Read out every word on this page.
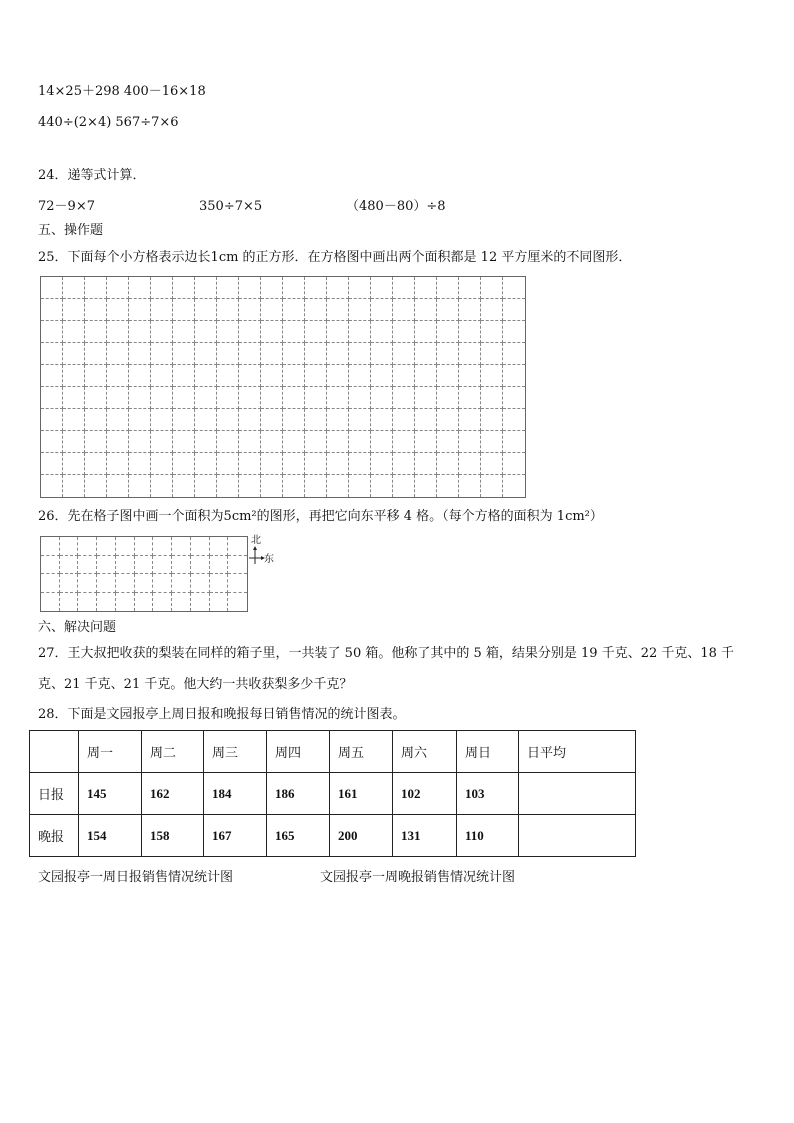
14×25＋298 400－16×18
440÷(2×4) 567÷7×6
24．递等式计算．
72－9×7	350÷7×5	（480－80）÷8
五、操作题
25．下面每个小方格表示边长1cm 的正方形．在方格图中画出两个面积都是 12 平方厘米的不同图形．
26．先在格子图中画一个面积为5cm²的图形，再把它向东平移 4 格。（每个方格的面积为 1cm²）
北
东
六、解决问题
27．王大叔把收获的梨装在同样的箱子里，一共装了 50 箱。他称了其中的 5 箱，结果分别是 19 千克、22 千克、18 千
克、21 千克、21 千克。他大约一共收获梨多少千克？
28．下面是文园报亭上周日报和晚报每日销售情况的统计图表。
	周一	周二	周三	周四	周五	周六	周日	日平均
日报	145	162	184	186	161	102	103	
晚报	154	158	167	165	200	131	110	
文园报亭一周日报销售情况统计图	文园报亭一周晚报销售情况统计图
